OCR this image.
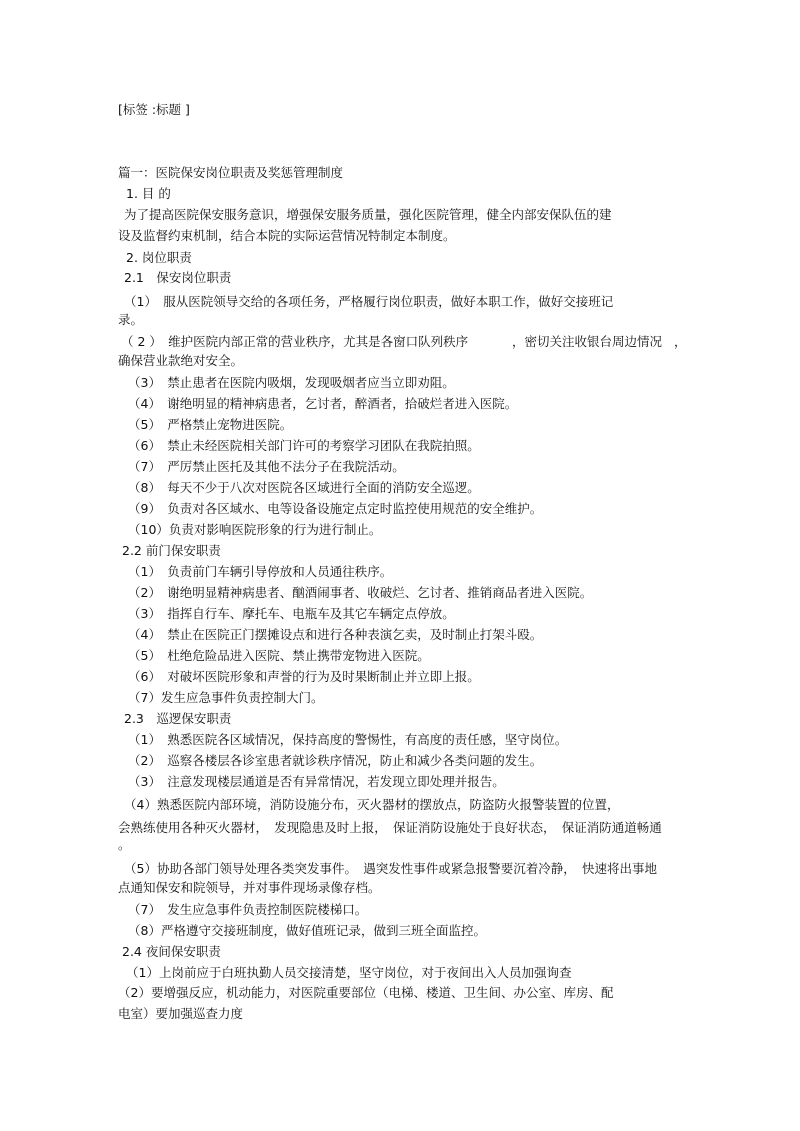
[标签 :标题 ]
篇一：医院保安岗位职责及奖惩管理制度
1. 目 的
为了提高医院保安服务意识，增强保安服务质量，强化医院管理，健全内部安保队伍的建
设及监督约束机制，结合本院的实际运营情况特制定本制度。
2. 岗位职责
2.1　保安岗位职责
（1）　服从医院领导交给的各项任务，严格履行岗位职责，做好本职工作，做好交接班记
录。
（ 2 ）　维护医院内部正常的营业秩序，尤其是各窗口队列秩序	，密切关注收银台周边情况 ，
确保营业款绝对安全。
（3）　禁止患者在医院内吸烟，发现吸烟者应当立即劝阻。
（4）　谢绝明显的精神病患者，乞讨者，醉酒者，拾破烂者进入医院。
（5）　严格禁止宠物进医院。
（6）　禁止未经医院相关部门许可的考察学习团队在我院拍照。
（7）　严厉禁止医托及其他不法分子在我院活动。
（8）　每天不少于八次对医院各区域进行全面的消防安全巡逻。
（9）　负责对各区域水、电等设备设施定点定时监控使用规范的安全维护。
（10）负责对影响医院形象的行为进行制止。
2.2 前门保安职责
（1）　负责前门车辆引导停放和人员通往秩序。
（2）　谢绝明显精神病患者、酗酒闹事者、收破烂、乞讨者、推销商品者进入医院。
（3）　指挥自行车、摩托车、电瓶车及其它车辆定点停放。
（4）　禁止在医院正门摆摊设点和进行各种表演乞卖，及时制止打架斗殴。
（5）　杜绝危险品进入医院、禁止携带宠物进入医院。
（6）　对破坏医院形象和声誉的行为及时果断制止并立即上报。
（7）发生应急事件负责控制大门。
2.3　巡逻保安职责
（1）　熟悉医院各区域情况，保持高度的警惕性，有高度的责任感，坚守岗位。
（2）　巡察各楼层各诊室患者就诊秩序情况，防止和减少各类问题的发生。
（3）　注意发现楼层通道是否有异常情况，若发现立即处理并报告。
（4）熟悉医院内部环境，消防设施分布，灭火器材的摆放点，防盗防火报警装置的位置，
会熟练使用各种灭火器材，　发现隐患及时上报，　保证消防设施处于良好状态，　保证消防通道畅通
。
（5）协助各部门领导处理各类突发事件。　遇突发性事件或紧急报警要沉着冷静，　快速将出事地
点通知保安和院领导，并对事件现场录像存档。
（7）　发生应急事件负责控制医院楼梯口。
（8）严格遵守交接班制度，做好值班记录，做到三班全面监控。
2.4 夜间保安职责
（1）上岗前应于白班执勤人员交接清楚，坚守岗位，对于夜间出入人员加强询查
（2）要增强反应，机动能力，对医院重要部位（电梯、楼道、卫生间、办公室、库房、配
电室）要加强巡查力度
